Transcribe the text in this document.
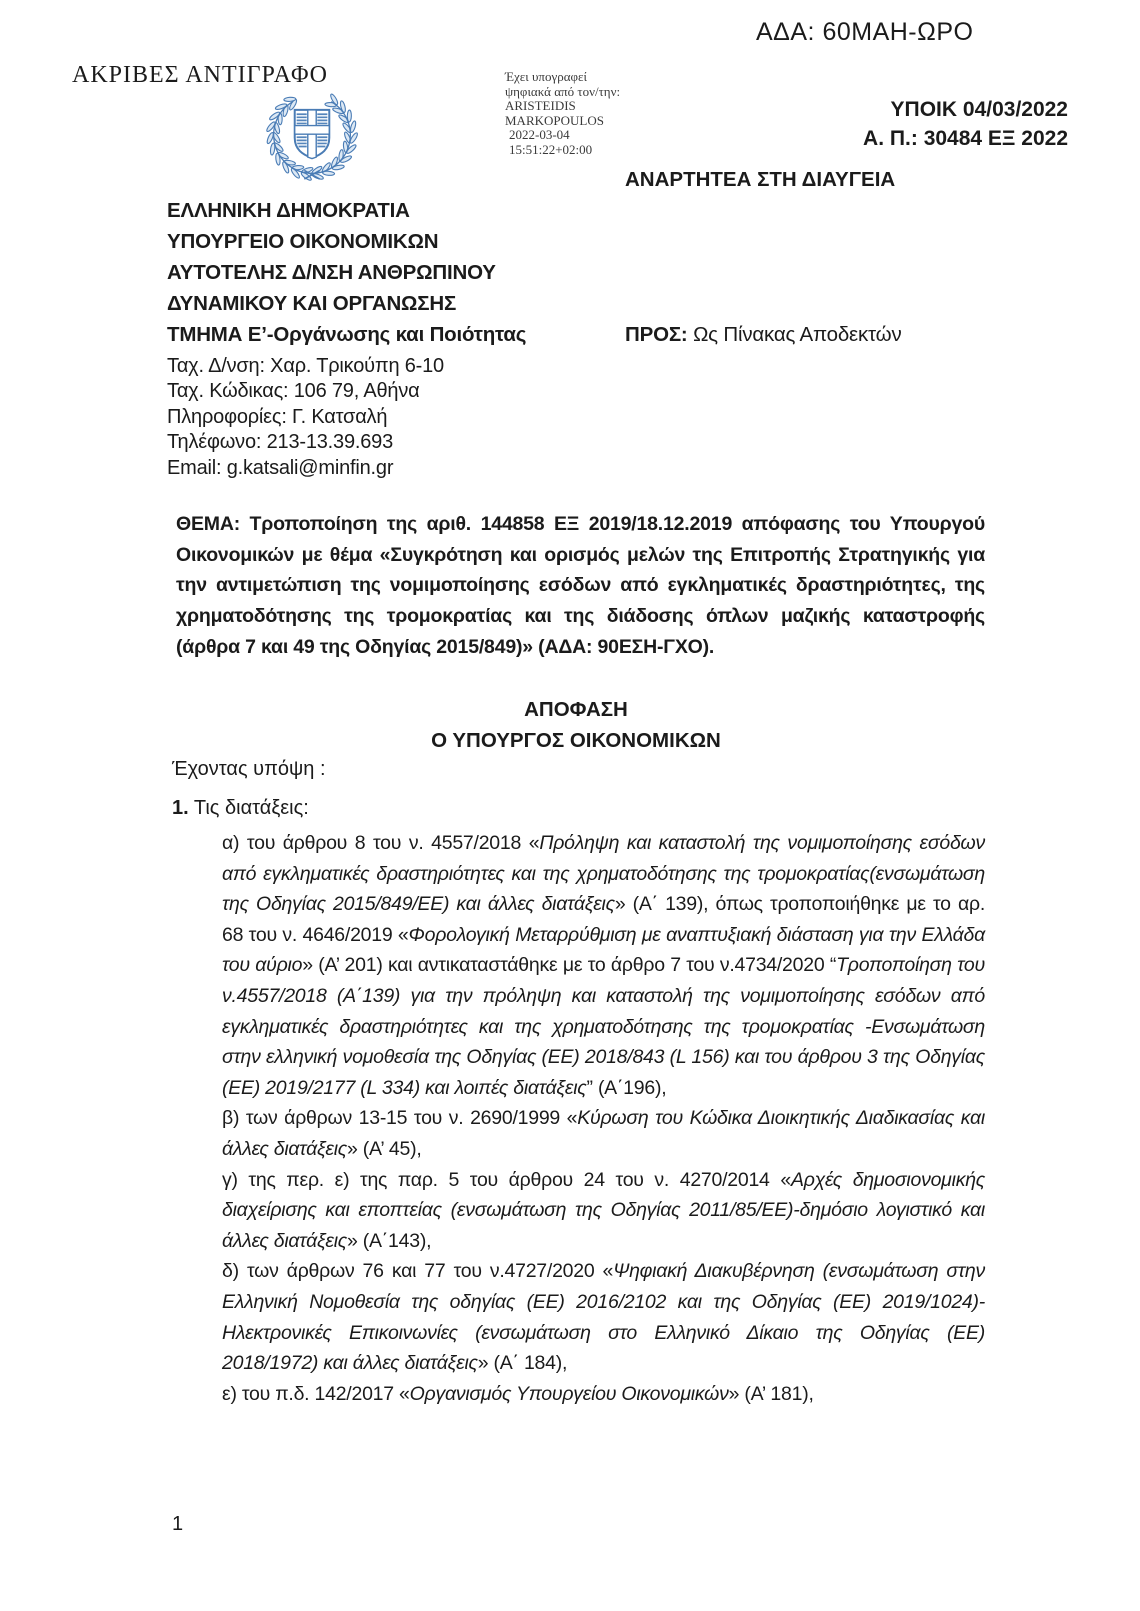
ΑΔΑ: 60ΜΑΗ-ΩΡΟ
ΑΚΡΙΒΕΣ ΑΝΤΙΓΡΑΦΟ	Έχει υπογραφεί
ψηφιακά από τον/την:
ARISTEIDIS
MARKOPOULOS
2022-03-04
15:51:22+02:00
ΥΠΟΙΚ 04/03/2022
Α. Π.: 30484 ΕΞ 2022
ΑΝΑΡΤΗΤΕΑ ΣΤΗ ΔΙΑΥΓΕΙΑ
ΕΛΛΗΝΙΚΗ ΔΗΜΟΚΡΑΤΙΑ
ΥΠΟΥΡΓΕΙΟ ΟΙΚΟΝΟΜΙΚΩΝ
ΑΥΤΟΤΕΛΗΣ Δ/ΝΣΗ ΑΝΘΡΩΠΙΝΟΥ
ΔΥΝΑΜΙΚΟΥ ΚΑΙ ΟΡΓΑΝΩΣΗΣ
ΤΜΗΜΑ Ε’-Οργάνωσης και Ποιότητας	ΠΡΟΣ: Ως Πίνακας Αποδεκτών
Ταχ. Δ/νση: Χαρ. Τρικούπη 6-10
Ταχ. Κώδικας: 106 79, Αθήνα
Πληροφορίες: Γ. Κατσαλή
Τηλέφωνο: 213-13.39.693
Email: g.katsali@minfin.gr

ΘΕΜΑ: Τροποποίηση της αριθ. 144858 ΕΞ 2019/18.12.2019 απόφασης του Υπουργού Οικονομικών με θέμα «Συγκρότηση και ορισμός μελών της Επιτροπής Στρατηγικής για την αντιμετώπιση της νομιμοποίησης εσόδων από εγκληματικές δραστηριότητες, της χρηματοδότησης της τρομοκρατίας και της διάδοσης όπλων μαζικής καταστροφής (άρθρα 7 και 49 της Οδηγίας 2015/849)» (ΑΔΑ: 90ΕΣΗ-ΓΧΟ).

ΑΠΟΦΑΣΗ
Ο ΥΠΟΥΡΓΟΣ ΟΙΚΟΝΟΜΙΚΩΝ
Έχοντας υπόψη :
1. Τις διατάξεις:

α) του άρθρου 8 του ν. 4557/2018 «Πρόληψη και καταστολή της νομιμοποίησης εσόδων από εγκληματικές δραστηριότητες και της χρηματοδότησης της τρομοκρατίας(ενσωμάτωση της Οδηγίας 2015/849/ΕΕ) και άλλες διατάξεις» (Α΄ 139), όπως τροποποιήθηκε με το αρ. 68 του ν. 4646/2019 «Φορολογική Μεταρρύθμιση με αναπτυξιακή διάσταση για την Ελλάδα του αύριο» (Α’ 201) και αντικαταστάθηκε με το άρθρο 7 του ν.4734/2020 “Τροποποίηση του ν.4557/2018 (Α΄139) για την πρόληψη και καταστολή της νομιμοποίησης εσόδων από εγκληματικές δραστηριότητες και της χρηματοδότησης της τρομοκρατίας -Ενσωμάτωση στην ελληνική νομοθεσία της Οδηγίας (ΕΕ) 2018/843 (L 156) και του άρθρου 3 της Οδηγίας (ΕΕ) 2019/2177 (L 334) και λοιπές διατάξεις” (Α΄196),

β) των άρθρων 13-15 του ν. 2690/1999 «Κύρωση του Κώδικα Διοικητικής Διαδικασίας και άλλες διατάξεις» (Α’ 45),

γ) της περ. ε) της παρ. 5 του άρθρου 24 του ν. 4270/2014 «Αρχές δημοσιονομικής διαχείρισης και εποπτείας (ενσωμάτωση της Οδηγίας 2011/85/ΕΕ)-δημόσιο λογιστικό και άλλες διατάξεις» (Α΄143),

δ) των άρθρων 76 και 77 του ν.4727/2020 «Ψηφιακή Διακυβέρνηση (ενσωμάτωση στην Ελληνική Νομοθεσία της οδηγίας (ΕΕ) 2016/2102 και της Οδηγίας (ΕΕ) 2019/1024)-Ηλεκτρονικές Επικοινωνίες (ενσωμάτωση στο Ελληνικό Δίκαιο της Οδηγίας (ΕΕ) 2018/1972) και άλλες διατάξεις» (Α΄ 184),

ε) του π.δ. 142/2017 «Οργανισμός Υπουργείου Οικονομικών» (Α’ 181),

1
